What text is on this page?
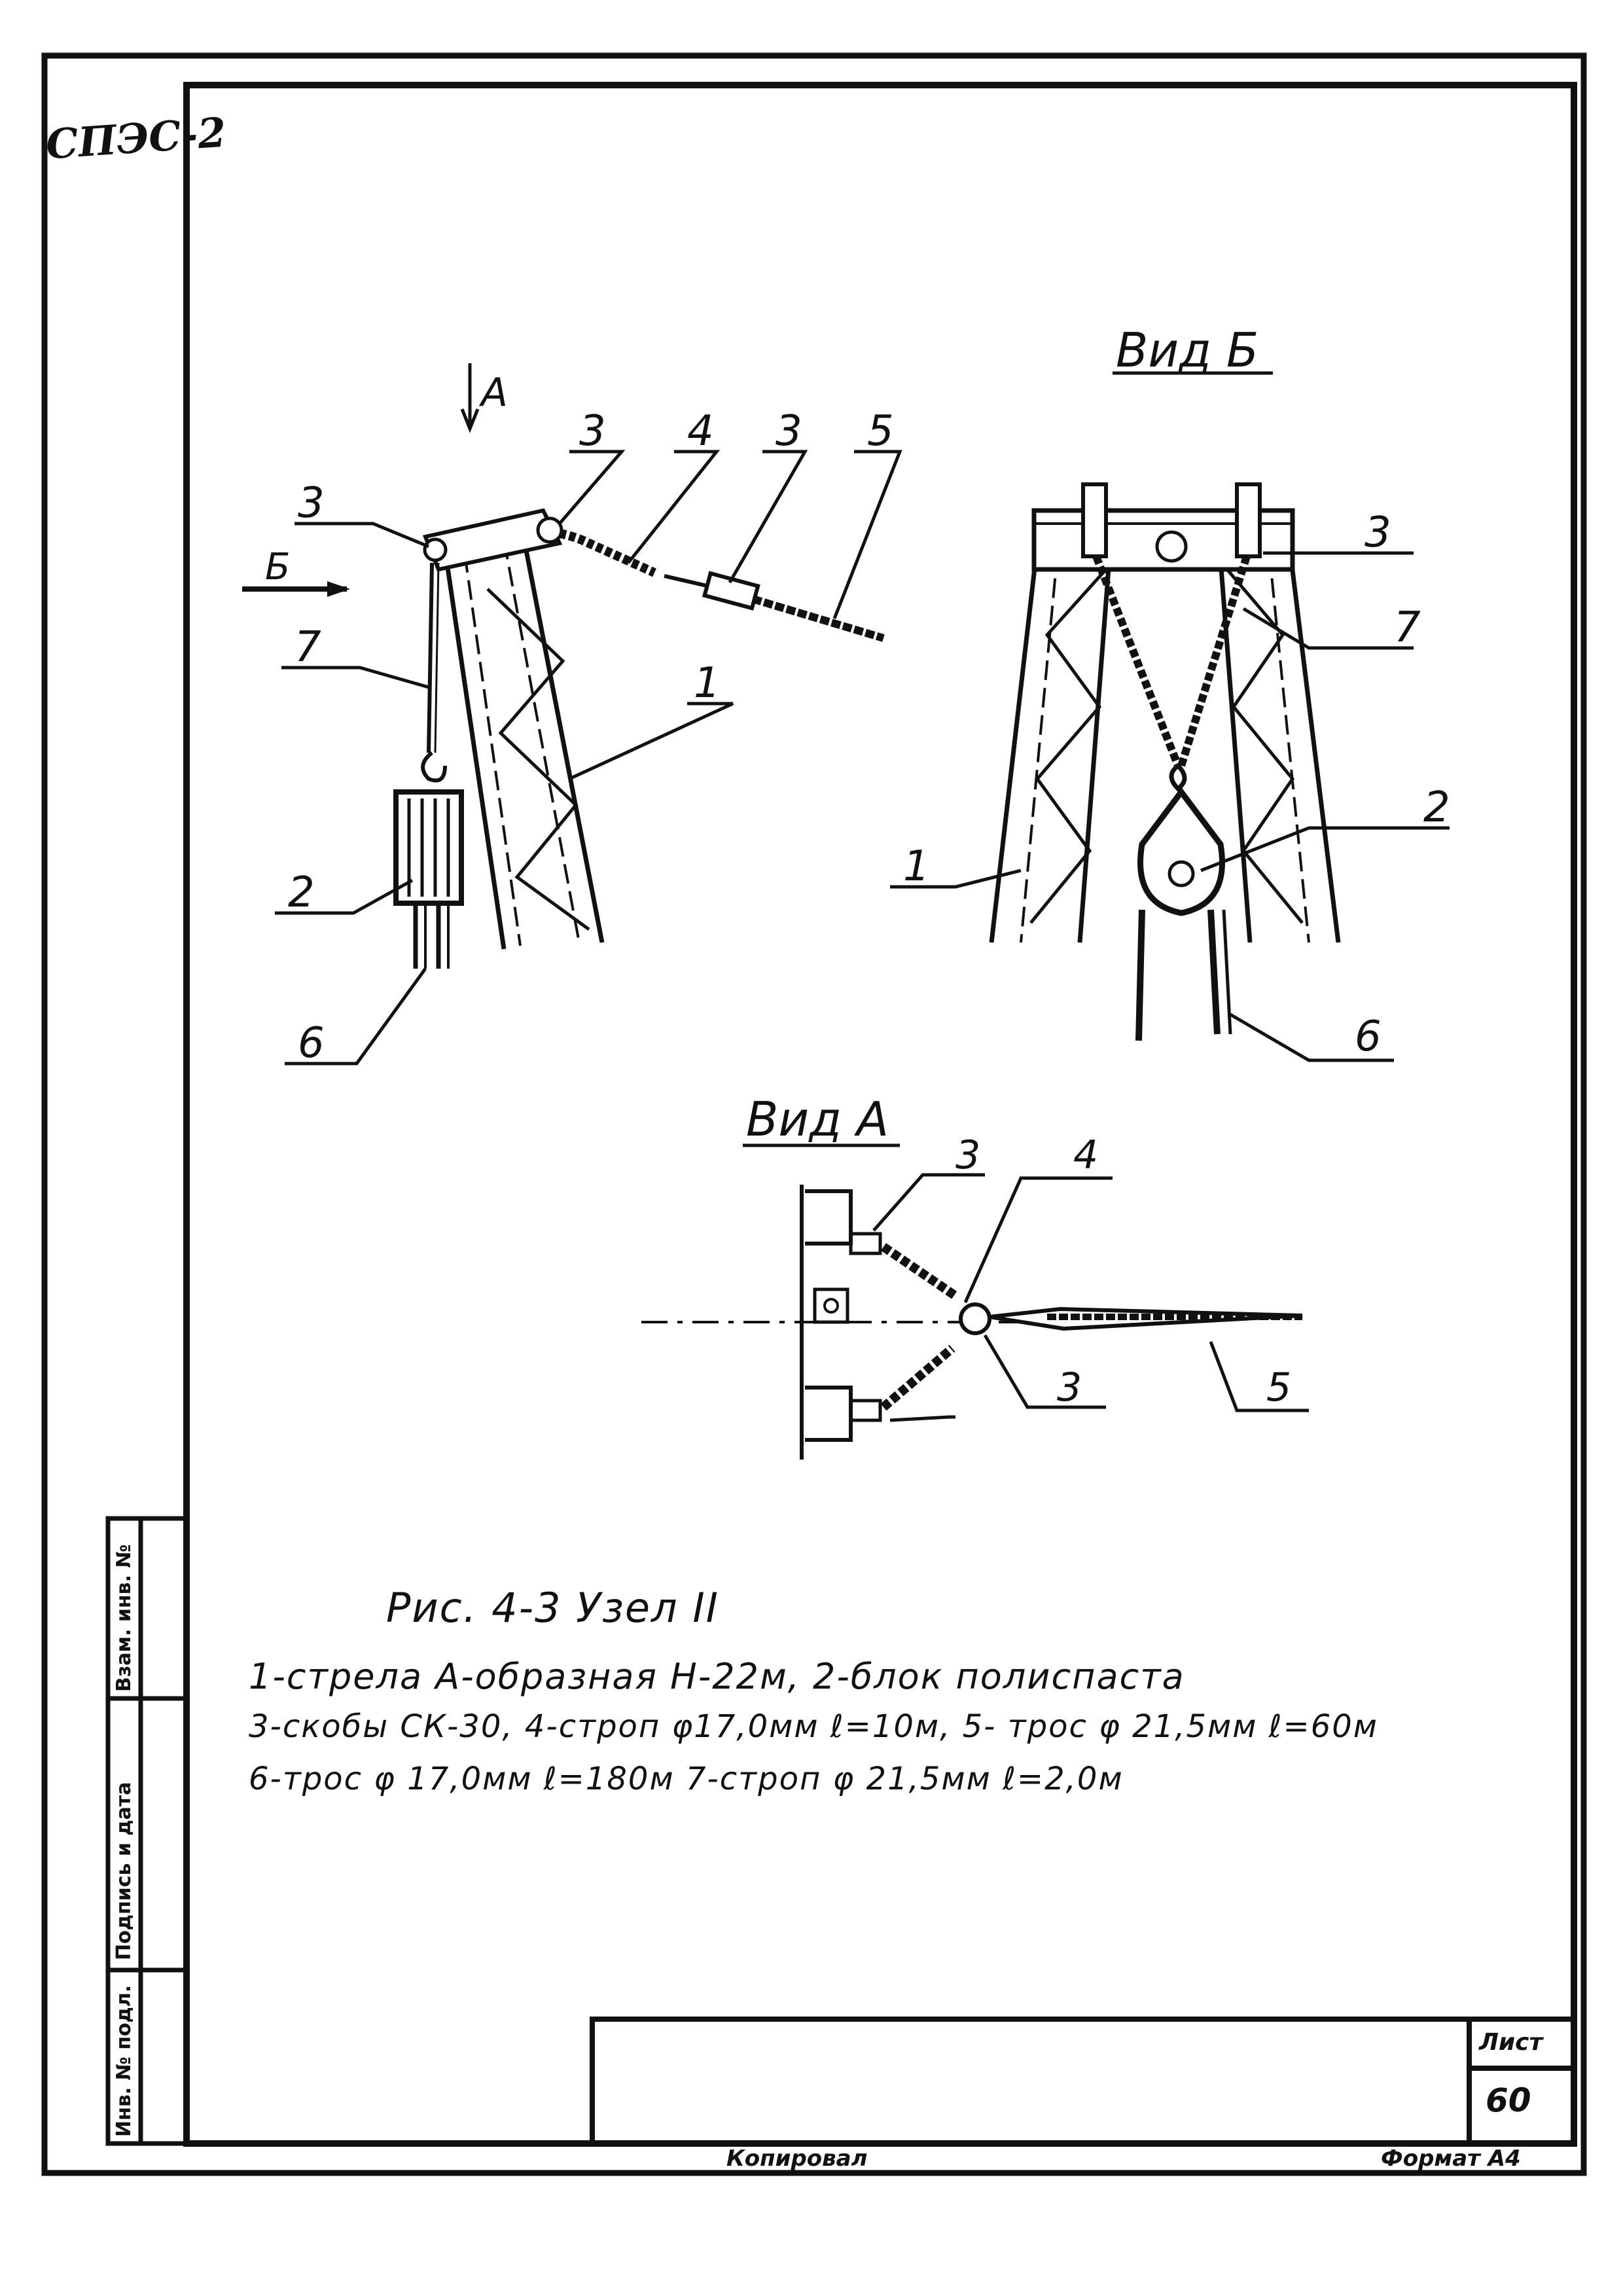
А
Б
3 4 3 5
3
7
1
2
6
Вид Б
3
7
2
1
6
Вид А
3 4
3	5
СПЭС-2
Рис. 4-3 Узел II
1-стрела А-образная Н-22м, 2-блок полиспаста
3-скобы СК-30, 4-строп φ17,0мм ℓ=10м, 5- трос φ 21,5мм ℓ=60м
6-трос φ 17,0мм ℓ=180м 7-строп φ 21,5мм ℓ=2,0м
Инв. № подл.
Подпись и дата
Взам. инв. №
Лист
60
Копировал	Формат А4
